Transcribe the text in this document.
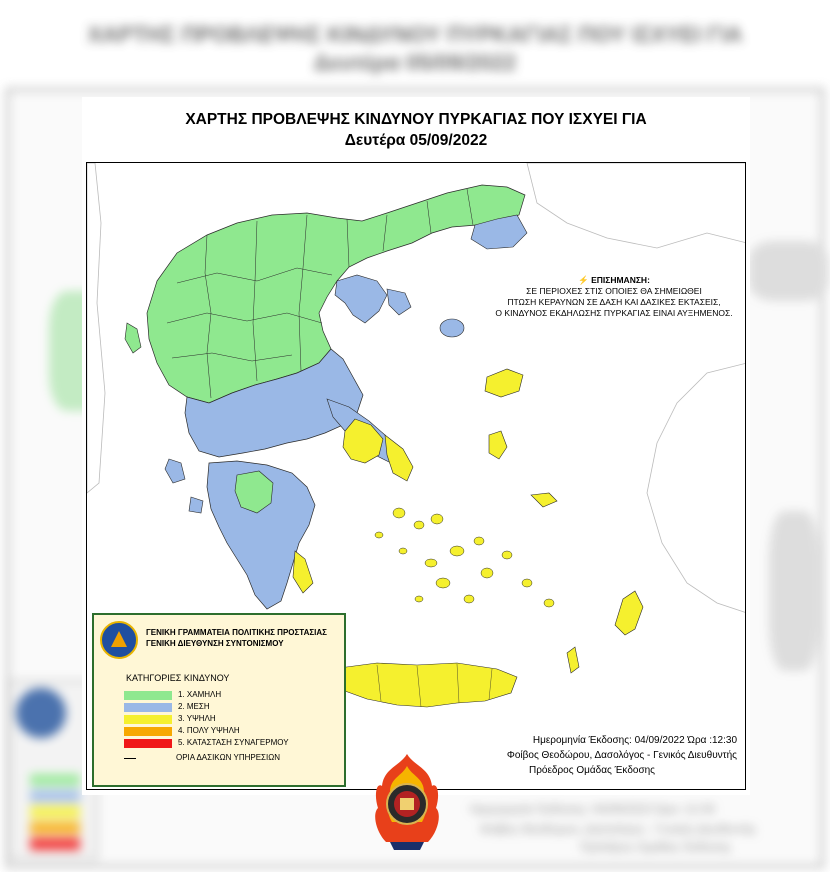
ΧΑΡΤΗΣ ΠΡΟΒΛΕΨΗΣ ΚΙΝΔΥΝΟΥ ΠΥΡΚΑΓΙΑΣ ΠΟΥ ΙΣΧΥΕΙ ΓΙΑ
Δευτέρα 05/09/2022
Ημερομηνία Έκδοσης: 04/09/2022 Ώρα :12:30
Φοίβος Θεοδώρου, Δασολόγος - Γενικός Διευθυντής
Πρόεδρος Ομάδας Έκδοσης
ΧΑΡΤΗΣ ΠΡΟΒΛΕΨΗΣ ΚΙΝΔΥΝΟΥ ΠΥΡΚΑΓΙΑΣ ΠΟΥ ΙΣΧΥΕΙ ΓΙΑ
Δευτέρα 05/09/2022
⚡ ΕΠΙΣΗΜΑΝΣΗ:
ΣΕ ΠΕΡΙΟΧΕΣ ΣΤΙΣ ΟΠΟΙΕΣ ΘΑ ΣΗΜΕΙΩΘΕΙ
ΠΤΩΣΗ ΚΕΡΑΥΝΩΝ ΣΕ ΔΑΣΗ ΚΑΙ ΔΑΣΙΚΕΣ ΕΚΤΑΣΕΙΣ,
Ο ΚΙΝΔΥΝΟΣ ΕΚΔΗΛΩΣΗΣ ΠΥΡΚΑΓΙΑΣ ΕΙΝΑΙ ΑΥΞΗΜΕΝΟΣ.
ΓΕΝΙΚΗ ΓΡΑΜΜΑΤΕΙΑ ΠΟΛΙΤΙΚΗΣ ΠΡΟΣΤΑΣΙΑΣ
ΓΕΝΙΚΗ ΔΙΕΥΘΥΝΣΗ ΣΥΝΤΟΝΙΣΜΟΥ
ΚΑΤΗΓΟΡΙΕΣ ΚΙΝΔΥΝΟΥ
1. ΧΑΜΗΛΗ
2. ΜΕΣΗ
3. ΥΨΗΛΗ
4. ΠΟΛΥ ΥΨΗΛΗ
5. ΚΑΤΑΣΤΑΣΗ ΣΥΝΑΓΕΡΜΟΥ
ΟΡΙΑ ΔΑΣΙΚΩΝ ΥΠΗΡΕΣΙΩΝ
Ημερομηνία Έκδοσης: 04/09/2022 Ώρα :12:30
Φοίβος Θεοδώρου, Δασολόγος - Γενικός Διευθυντής
Πρόεδρος Ομάδας Έκδοσης
